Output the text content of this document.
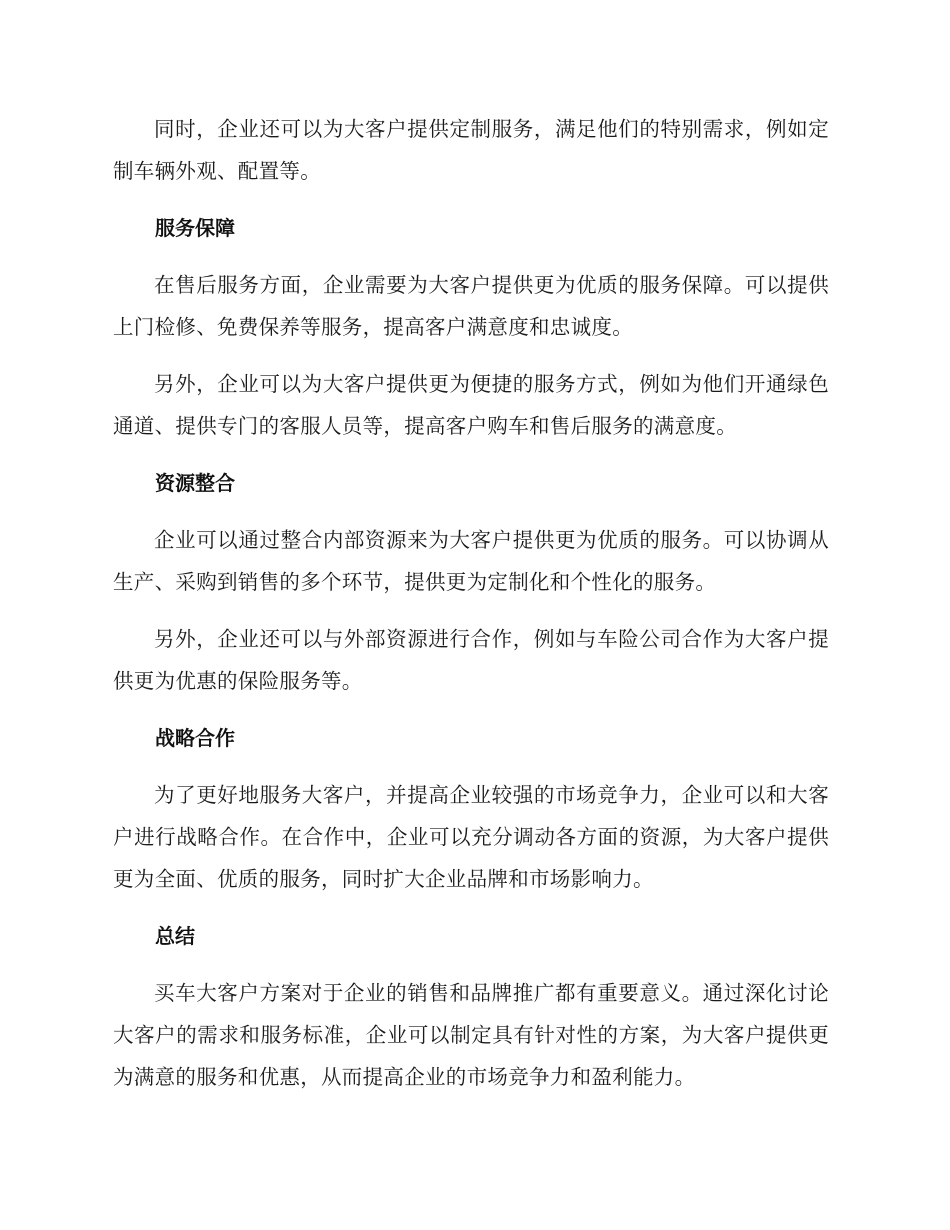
同时，企业还可以为大客户提供定制服务，满足他们的特别需求，例如定制车辆外观、配置等。

服务保障

在售后服务方面，企业需要为大客户提供更为优质的服务保障。可以提供上门检修、免费保养等服务，提高客户满意度和忠诚度。

另外，企业可以为大客户提供更为便捷的服务方式，例如为他们开通绿色通道、提供专门的客服人员等，提高客户购车和售后服务的满意度。

资源整合

企业可以通过整合内部资源来为大客户提供更为优质的服务。可以协调从生产、采购到销售的多个环节，提供更为定制化和个性化的服务。

另外，企业还可以与外部资源进行合作，例如与车险公司合作为大客户提供更为优惠的保险服务等。

战略合作

为了更好地服务大客户，并提高企业较强的市场竞争力，企业可以和大客户进行战略合作。在合作中，企业可以充分调动各方面的资源，为大客户提供更为全面、优质的服务，同时扩大企业品牌和市场影响力。

总结

买车大客户方案对于企业的销售和品牌推广都有重要意义。通过深化讨论大客户的需求和服务标准，企业可以制定具有针对性的方案，为大客户提供更为满意的服务和优惠，从而提高企业的市场竞争力和盈利能力。
